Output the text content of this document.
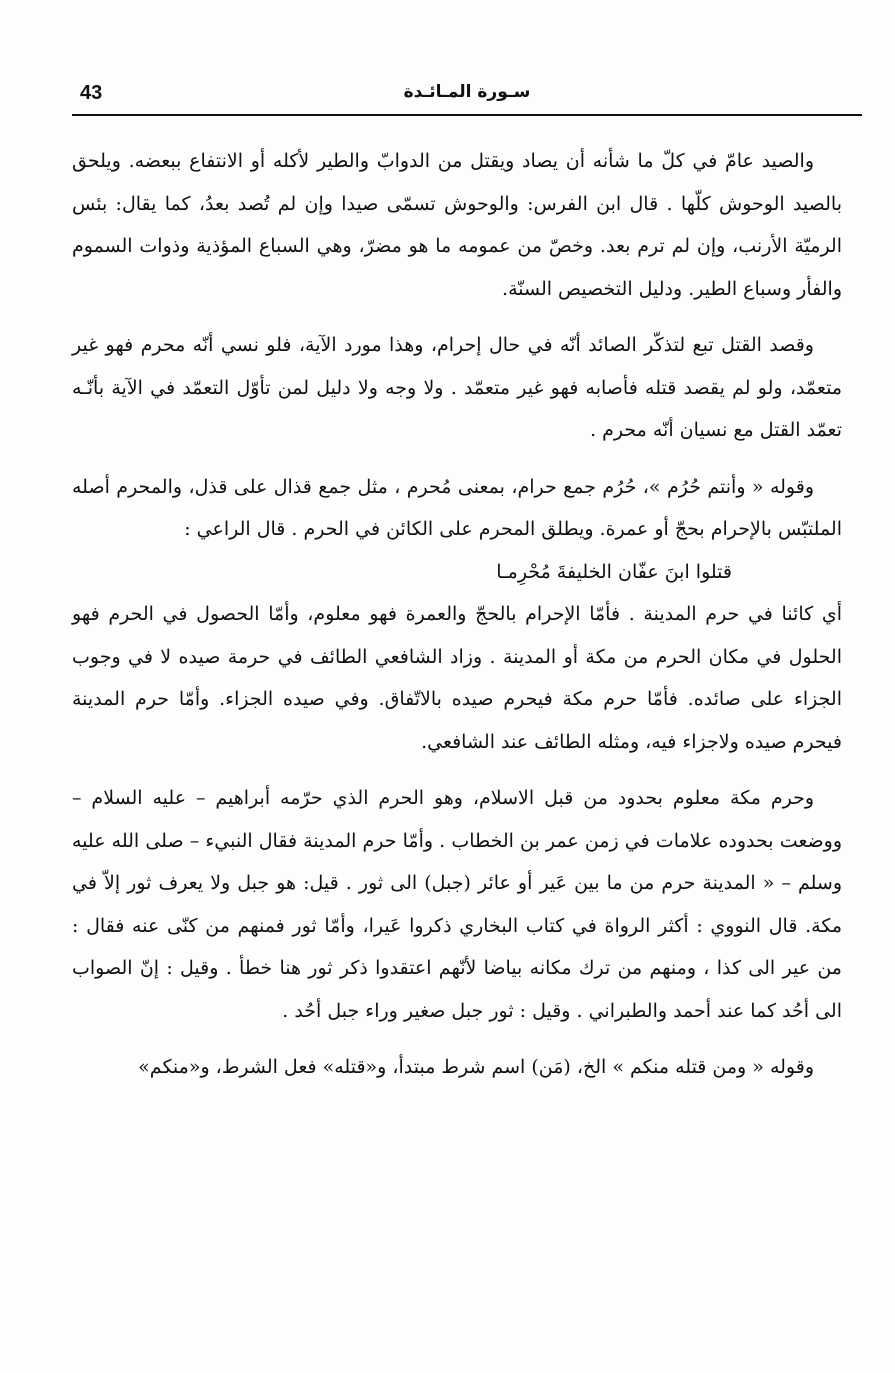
43	سـورة المـائـدة

والصيد عامّ في كلّ ما شأنه أن يصاد ويقتل من الدوابّ والطير لأكله أو الانتفاع ببعضه. ويلحق بالصيد الوحوش كلّها . قال ابن الفرس: والوحوش تسمّى صيدا وإن لم تُصد بعدُ، كما يقال: بئس الرميّة الأرنب، وإن لم ترم بعد. وخصّ من عمومه ما هو مضرّ، وهي السباع المؤذية وذوات السموم والفأر وسباع الطير. ودليل التخصيص السنّة.

وقصد القتل تبع لتذكّر الصائد أنّه في حال إحرام، وهذا مورد الآية، فلو نسي أنّه محرم فهو غير متعمّد، ولو لم يقصد قتله فأصابه فهو غير متعمّد . ولا وجه ولا دليل لمن تأوّل التعمّد في الآية بأنّـه تعمّد القتل مع نسيان أنّه محرم .

وقوله « وأنتم حُرُم »، حُرُم جمع حرام، بمعنى مُحرم ، مثل جمع قذال على قذل، والمحرم أصله الملتبّس بالإحرام بحجّ أو عمرة. ويطلق المحرم على الكائن في الحرم . قال الراعي :

قتلوا ابنَ عفّان الخليفةَ مُحْرِمـا

أي كائنا في حرم المدينة . فأمّا الإحرام بالحجّ والعمرة فهو معلوم، وأمّا الحصول في الحرم فهو الحلول في مكان الحرم من مكة أو المدينة . وزاد الشافعي الطائف في حرمة صيده لا في وجوب الجزاء على صائده. فأمّا حرم مكة فيحرم صيده بالاتّفاق. وفي صيده الجزاء. وأمّا حرم المدينة فيحرم صيده ولاجزاء فيه، ومثله الطائف عند الشافعي.

وحرم مكة معلوم بحدود من قبل الاسلام، وهو الحرم الذي حرّمه أبراهيم – عليه السلام – ووضعت بحدوده علامات في زمن عمر بن الخطاب . وأمّا حرم المدينة فقال النبيء – صلى الله عليه وسلم – « المدينة حرم من ما بين عَير أو عائر (جبل) الى ثور . قيل: هو جبل ولا يعرف ثور إلاّ في مكة. قال النووي : أكثر الرواة في كتاب البخاري ذكروا عَيرا، وأمّا ثور فمنهم من كنّى عنه فقال : من عير الى كذا ، ومنهم من ترك مكانه بياضا لأنّهم اعتقدوا ذكر ثور هنا خطأ . وقيل : إنّ الصواب الى أحُد كما عند أحمد والطبراني . وقيل : ثور جبل صغير وراء جبل أحُد .

وقوله « ومن قتله منكم » الخ، (مَن) اسم شرط مبتدأ، و«قتله» فعل الشرط، و«منكم»
